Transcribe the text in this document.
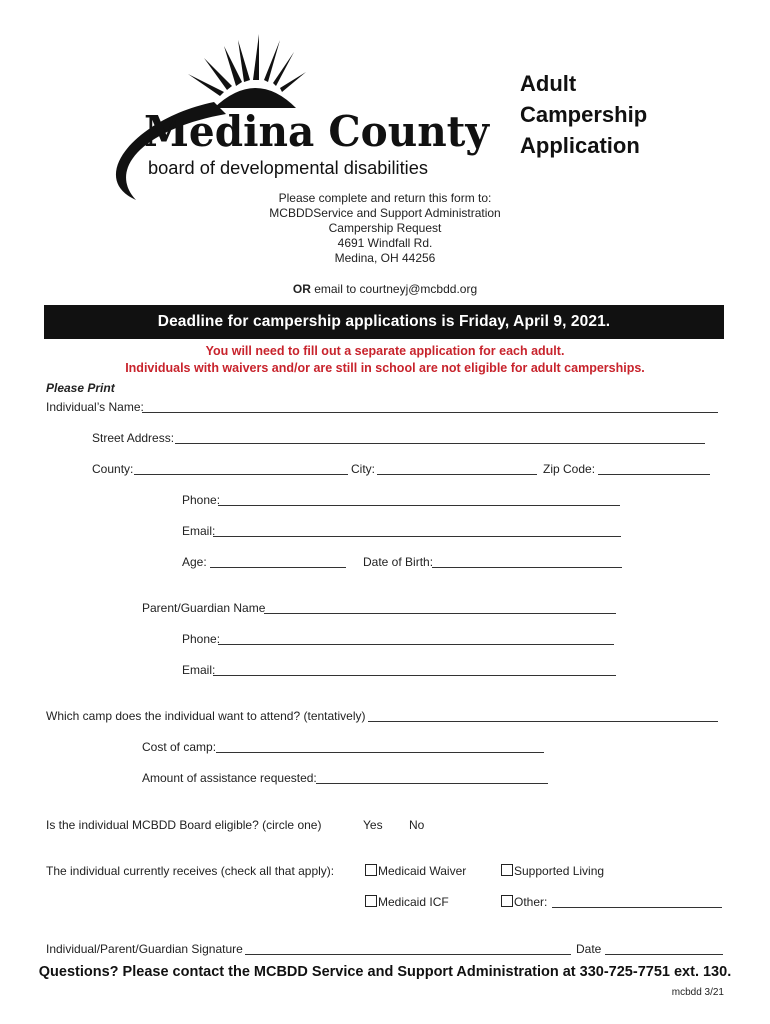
Medina County
board of developmental disabilities
Adult
Campership
Application
Please complete and return this form to:
MCBDDService and Support Administration
Campership Request
4691 Windfall Rd.
Medina, OH 44256
OR email to courtneyj@mcbdd.org
Deadline for campership applications is Friday, April 9, 2021.
You will need to fill out a separate application for each adult.
Individuals with waivers and/or are still in school are not eligible for adult camperships.
Please Print
Individual’s Name:
Street Address:
County:	City:	Zip Code:
Phone:
Email:
Age:	Date of Birth:
Parent/Guardian Name
Phone:
Email:
Which camp does the individual want to attend? (tentatively)
Cost of camp:
Amount of assistance requested:
Is the individual MCBDD Board eligible? (circle one)	Yes No
The individual currently receives (check all that apply):	Medicaid Waiver	Supported Living
Medicaid ICF	Other:
Individual/Parent/Guardian Signature	Date
Questions? Please contact the MCBDD Service and Support Administration at 330-725-7751 ext. 130.
mcbdd 3/21
